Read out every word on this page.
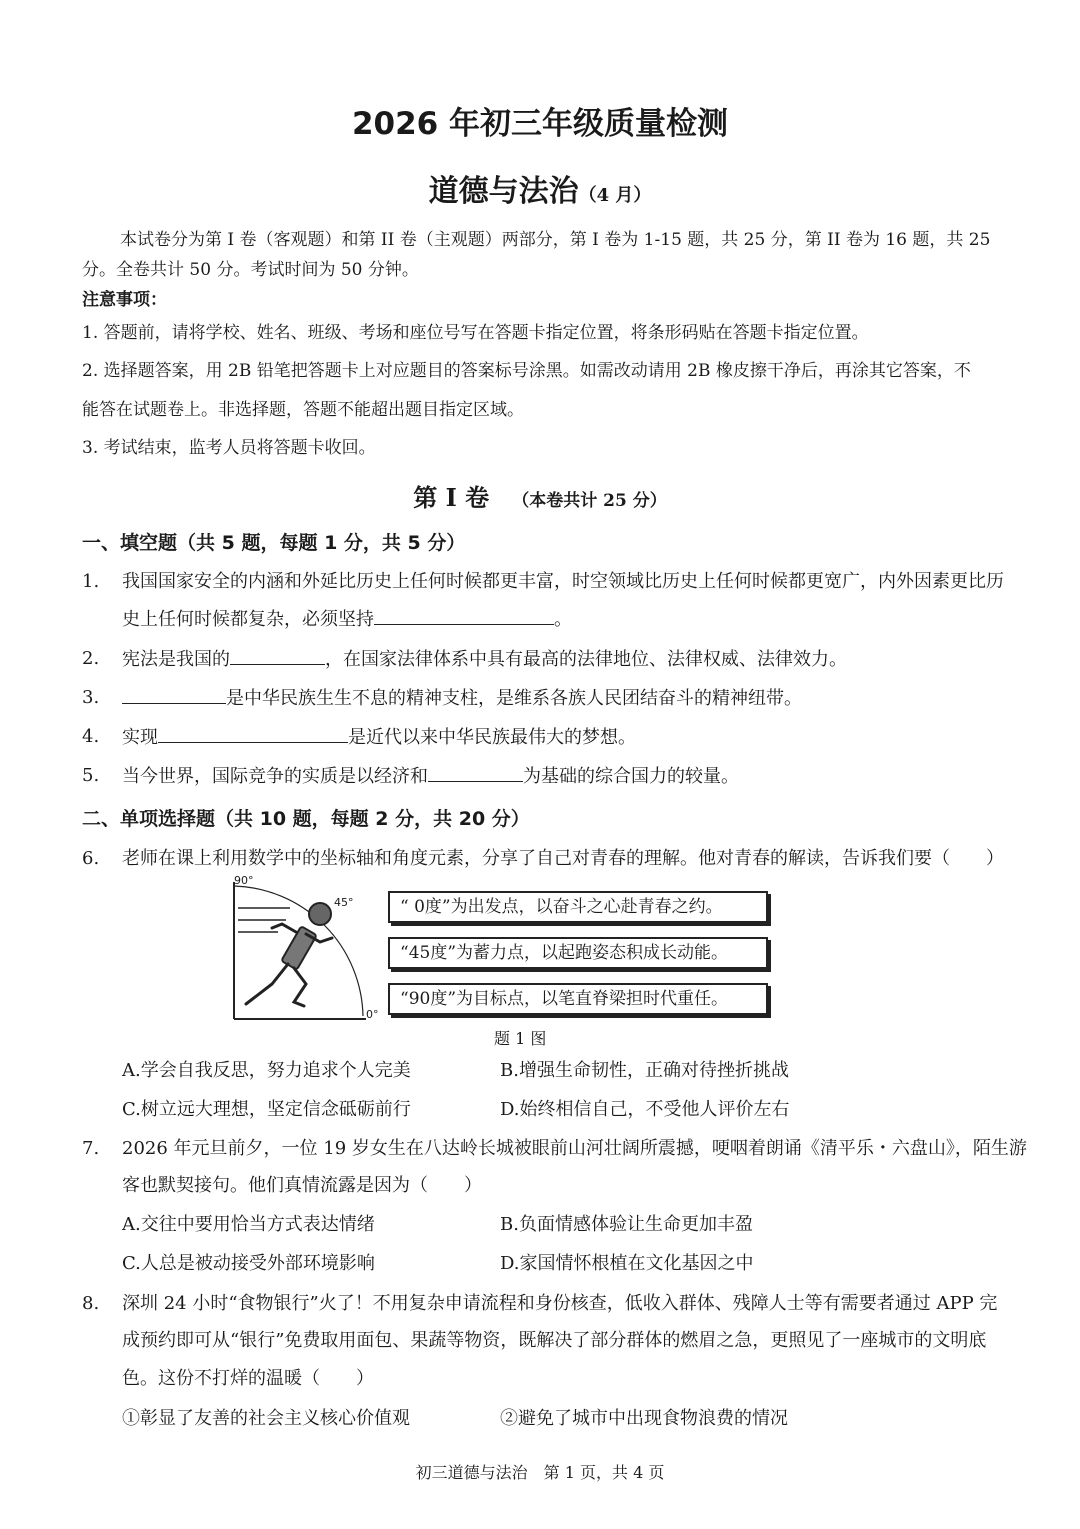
2026 年初三年级质量检测
道德与法治（4 月）
本试卷分为第 I 卷（客观题）和第 II 卷（主观题）两部分，第 I 卷为 1-15 题，共 25 分，第 II 卷为 16 题，共 25
分。全卷共计 50 分。考试时间为 50 分钟。
注意事项：
1. 答题前，请将学校、姓名、班级、考场和座位号写在答题卡指定位置，将条形码贴在答题卡指定位置。
2. 选择题答案，用 2B 铅笔把答题卡上对应题目的答案标号涂黑。如需改动请用 2B 橡皮擦干净后，再涂其它答案，不
能答在试题卷上。非选择题，答题不能超出题目指定区域。
3. 考试结束，监考人员将答题卡收回。
第 I 卷 （本卷共计 25 分）
一、填空题（共 5 题，每题 1 分，共 5 分）
1. 我国国家安全的内涵和外延比历史上任何时候都更丰富，时空领域比历史上任何时候都更宽广，内外因素更比历
史上任何时候都复杂，必须坚持	。
2. 宪法是我国的	，在国家法律体系中具有最高的法律地位、法律权威、法律效力。
3.	是中华民族生生不息的精神支柱，是维系各族人民团结奋斗的精神纽带。
4. 实现	是近代以来中华民族最伟大的梦想。
5. 当今世界，国际竞争的实质是以经济和	为基础的综合国力的较量。
二、单项选择题（共 10 题，每题 2 分，共 20 分）
6. 老师在课上利用数学中的坐标轴和角度元素，分享了自己对青春的理解。他对青春的解读，告诉我们要（　　）
90°
45°
0°
“ 0度”为出发点，以奋斗之心赴青春之约。
“45度”为蓄力点，以起跑姿态积成长动能。
“90度”为目标点，以笔直脊梁担时代重任。
题 1 图
A.学会自我反思，努力追求个人完美	B.增强生命韧性，正确对待挫折挑战
C.树立远大理想，坚定信念砥砺前行	D.始终相信自己，不受他人评价左右
7. 2026 年元旦前夕，一位 19 岁女生在八达岭长城被眼前山河壮阔所震撼，哽咽着朗诵《清平乐・六盘山》，陌生游
客也默契接句。他们真情流露是因为（　　）
A.交往中要用恰当方式表达情绪	B.负面情感体验让生命更加丰盈
C.人总是被动接受外部环境影响	D.家国情怀根植在文化基因之中
8. 深圳 24 小时“食物银行”火了！不用复杂申请流程和身份核查，低收入群体、残障人士等有需要者通过 APP 完
成预约即可从“银行”免费取用面包、果蔬等物资，既解决了部分群体的燃眉之急，更照见了一座城市的文明底
色。这份不打烊的温暖（　　）
①彰显了友善的社会主义核心价值观	②避免了城市中出现食物浪费的情况
初三道德与法治　第 1 页，共 4 页
